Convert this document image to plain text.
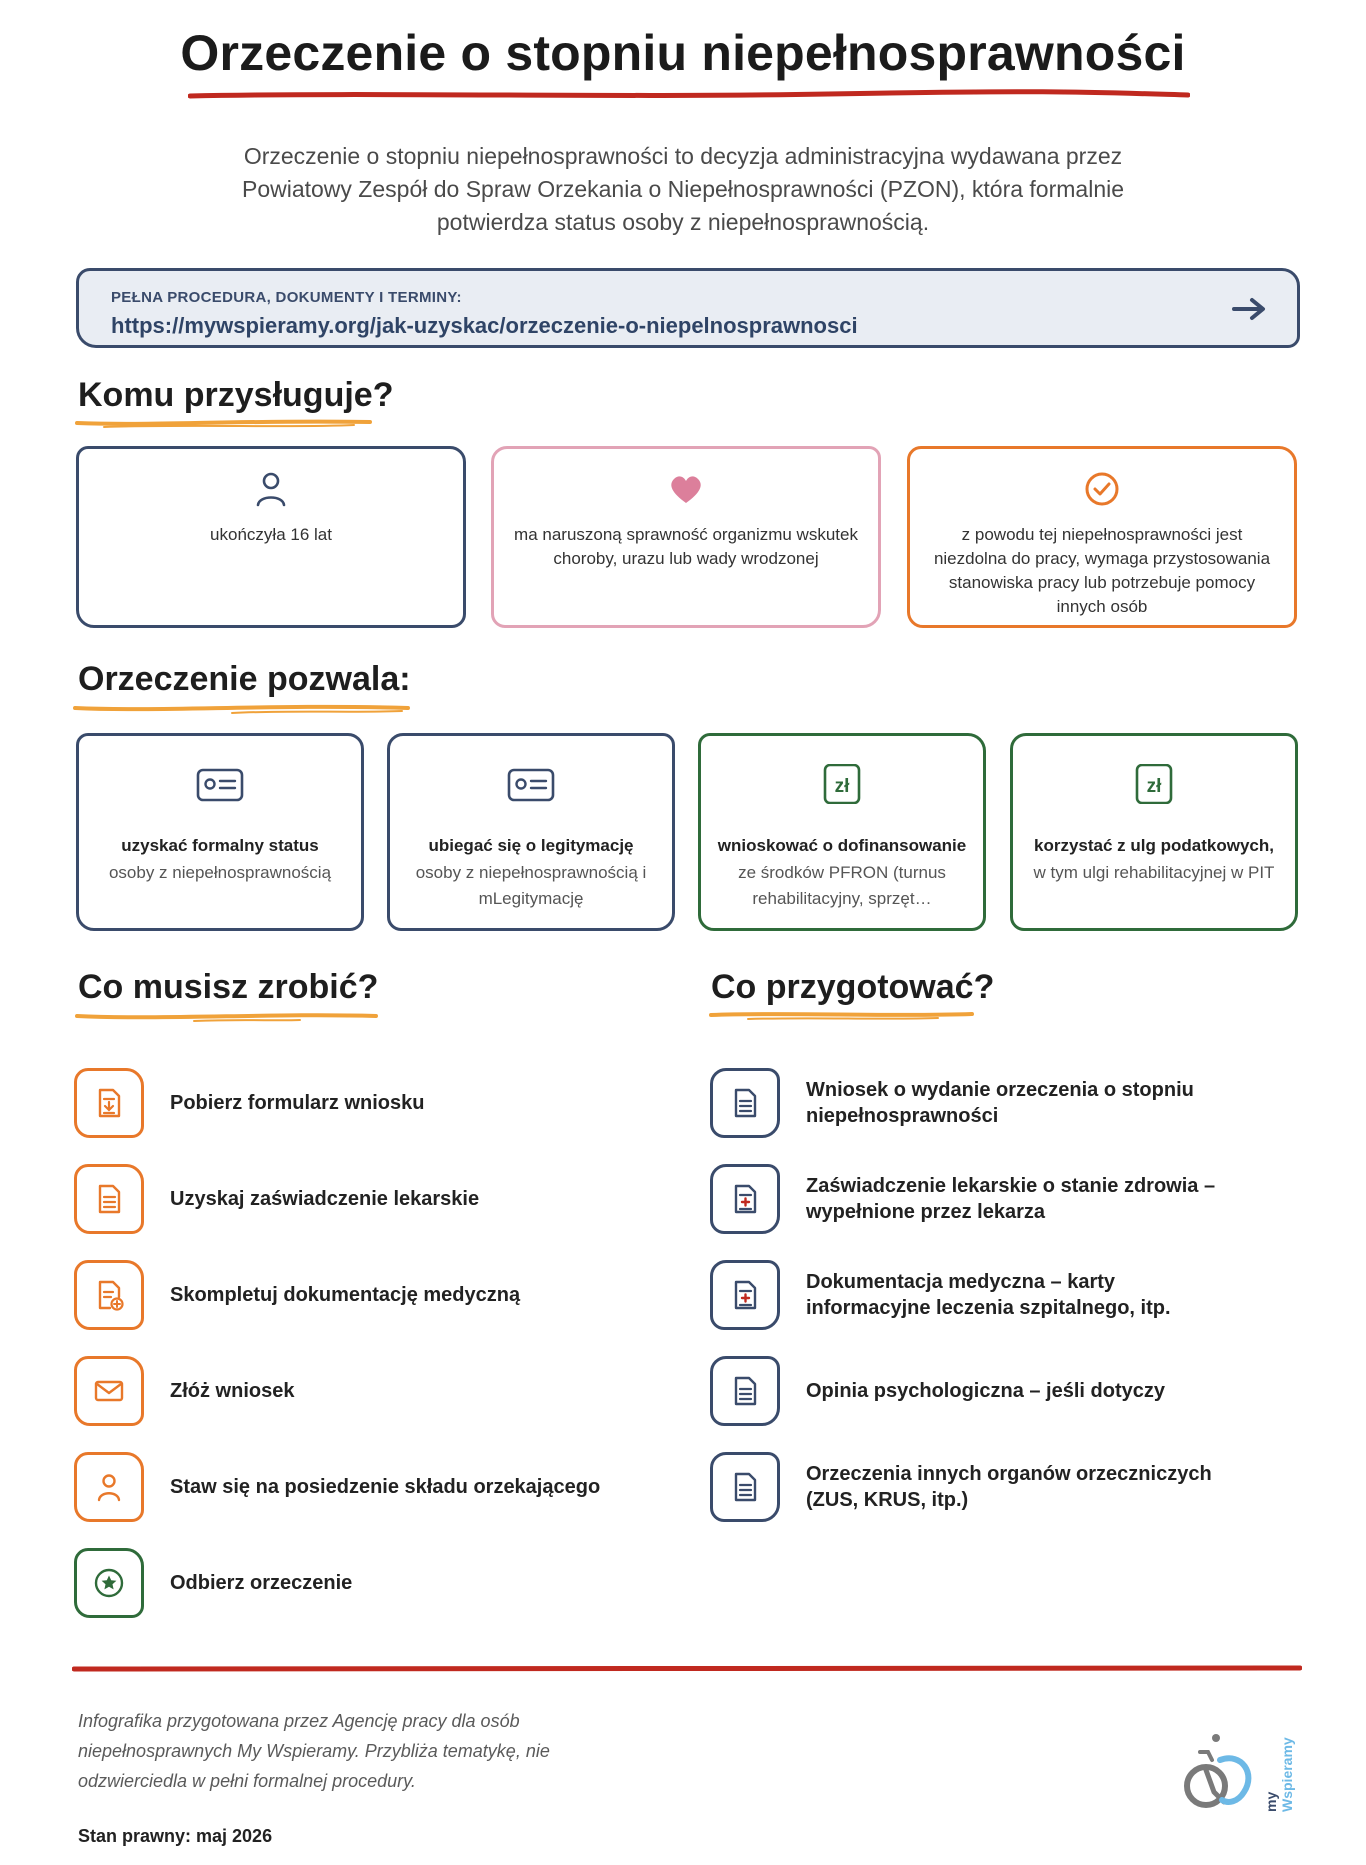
Orzeczenie o stopniu niepełnosprawności

Orzeczenie o stopniu niepełnosprawności to decyzja administracyjna wydawana przez Powiatowy Zespół do Spraw Orzekania o Niepełnosprawności (PZON), która formalnie potwierdza status osoby z niepełnosprawnością.

PEŁNA PROCEDURA, DOKUMENTY I TERMINY:
https://mywspieramy.org/jak-uzyskac/orzeczenie-o-niepelnosprawnosci
Komu przysługuje?
ukończyła 16 lat	ma naruszoną sprawność organizmu wskutek choroby, urazu lub wady wrodzonej
z powodu tej niepełnosprawności jest niezdolna do pracy, wymaga przystosowania stanowiska pracy lub potrzebuje pomocy innych osób
Orzeczenie pozwala:
uzyskać formalny status
osoby z niepełnosprawnością
ubiegać się o legitymację
osoby z niepełnosprawnością i mLegitymację
zł
wnioskować o dofinansowanie
ze środków PFRON (turnus rehabilitacyjny, sprzęt…
zł
korzystać z ulg podatkowych,
w tym ulgi rehabilitacyjnej w PIT
Co musisz zrobić?
Pobierz formularz wniosku
Uzyskaj zaświadczenie lekarskie
Skompletuj dokumentację medyczną
Złóż wniosek
Staw się na posiedzenie składu orzekającego
Odbierz orzeczenie
Co przygotować?
Wniosek o wydanie orzeczenia o stopniu niepełnosprawności
Zaświadczenie lekarskie o stanie zdrowia – wypełnione przez lekarza
Dokumentacja medyczna – karty informacyjne leczenia szpitalnego, itp.
Opinia psychologiczna – jeśli dotyczy
Orzeczenia innych organów orzeczniczych (ZUS, KRUS, itp.)

Infografika przygotowana przez Agencję pracy dla osób niepełnosprawnych My Wspieramy. Przybliża tematykę, nie odzwierciedla w pełni formalnej procedury.

Stan prawny: maj 2026
my Wspieramy
